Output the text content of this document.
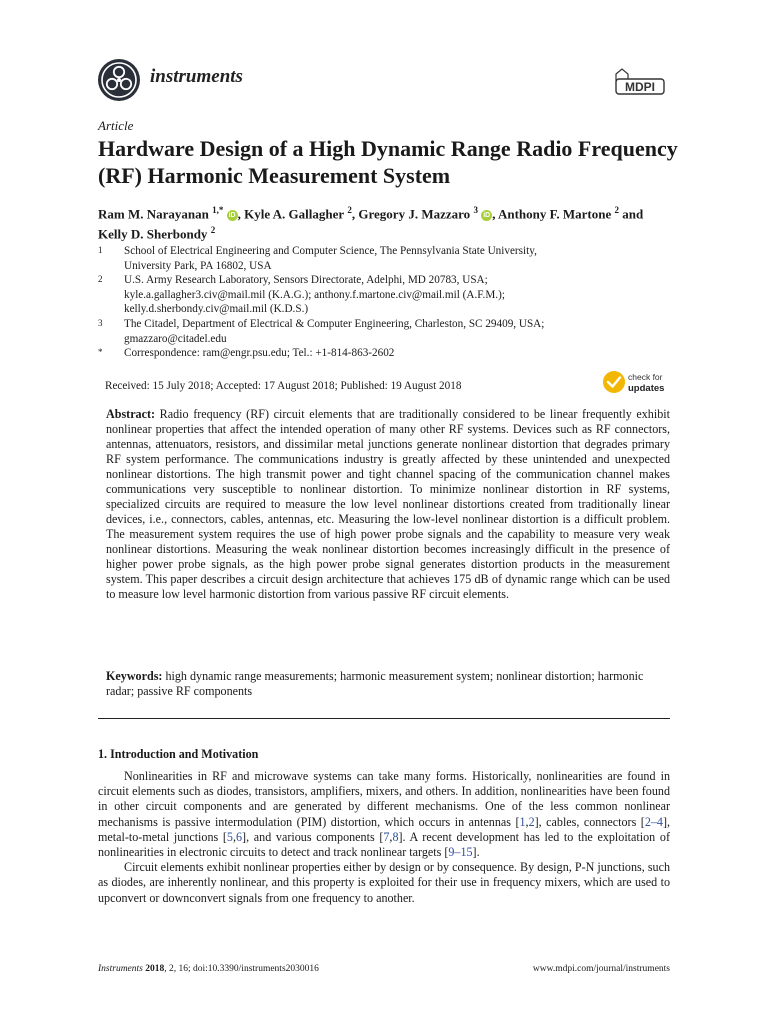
instruments	MDPI
Article
Hardware Design of a High Dynamic Range Radio Frequency (RF) Harmonic Measurement System
Ram M. Narayanan $^{1,*}$ iD , Kyle A. Gallagher $^2$, Gregory J. Mazzaro $^3$ iD , Anthony F. Martone $^2$ and
Kelly D. Sherbondy $^2$
1	School of Electrical Engineering and Computer Science, The Pennsylvania State University,
University Park, PA 16802, USA
2	U.S. Army Research Laboratory, Sensors Directorate, Adelphi, MD 20783, USA;
kyle.a.gallagher3.civ@mail.mil (K.A.G.); anthony.f.martone.civ@mail.mil (A.F.M.);
kelly.d.sherbondy.civ@mail.mil (K.D.S.)
3	The Citadel, Department of Electrical & Computer Engineering, Charleston, SC 29409, USA;
gmazzaro@citadel.edu
*	Correspondence: ram@engr.psu.edu; Tel.: +1-814-863-2602
Received: 15 July 2018; Accepted: 17 August 2018; Published: 19 August 2018
check for
updates
Abstract: Radio frequency (RF) circuit elements that are traditionally considered to be linear frequently exhibit nonlinear properties that affect the intended operation of many other RF systems. Devices such as RF connectors, antennas, attenuators, resistors, and dissimilar metal junctions generate nonlinear distortion that degrades primary RF system performance. The communications industry is greatly affected by these unintended and unexpected nonlinear distortions. The high transmit power and tight channel spacing of the communication channel makes communications very susceptible to nonlinear distortion. To minimize nonlinear distortion in RF systems, specialized circuits are required to measure the low level nonlinear distortions created from traditionally linear devices, i.e., connectors, cables, antennas, etc. Measuring the low-level nonlinear distortion is a difficult problem. The measurement system requires the use of high power probe signals and the capability to measure very weak nonlinear distortions. Measuring the weak nonlinear distortion becomes increasingly difficult in the presence of higher power probe signals, as the high power probe signal generates distortion products in the measurement system. This paper describes a circuit design architecture that achieves 175 dB of dynamic range which can be used to measure low level harmonic distortion from various passive RF circuit elements.
Keywords: high dynamic range measurements; harmonic measurement system; nonlinear distortion; harmonic radar; passive RF components
1. Introduction and Motivation

Nonlinearities in RF and microwave systems can take many forms. Historically, nonlinearities are found in circuit elements such as diodes, transistors, amplifiers, mixers, and others. In addition, nonlinearities have been found in other circuit components and are generated by different mechanisms. One of the less common nonlinear mechanisms is passive intermodulation (PIM) distortion, which occurs in antennas [1,2], cables, connectors [2–4], metal-to-metal junctions [5,6], and various components [7,8]. A recent development has led to the exploitation of nonlinearities in electronic circuits to detect and track nonlinear targets [9–15].

Circuit elements exhibit nonlinear properties either by design or by consequence. By design, P-N junctions, such as diodes, are inherently nonlinear, and this property is exploited for their use in frequency mixers, which are used to upconvert or downconvert signals from one frequency to another.

Instruments 2018, 2, 16; doi:10.3390/instruments2030016	www.mdpi.com/journal/instruments
